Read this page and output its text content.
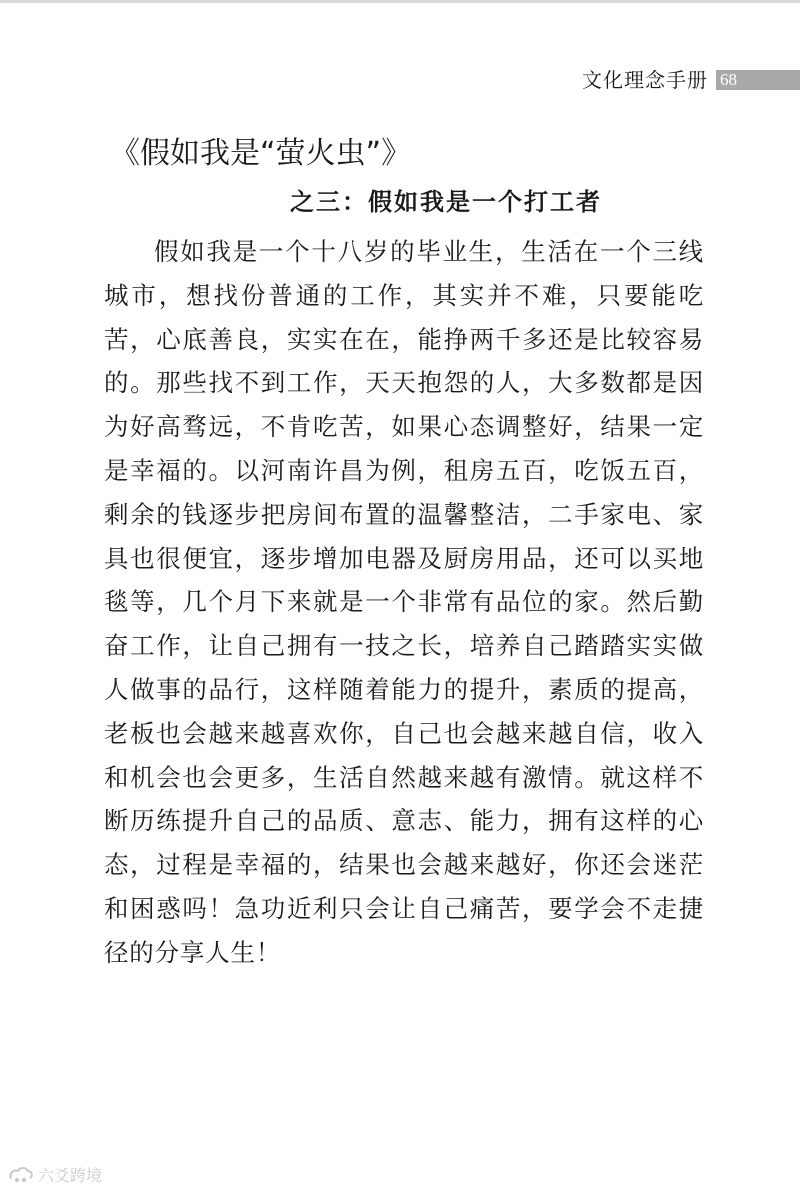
文化理念手册 68
《假如我是“萤火虫”》
之三：假如我是一个打工者

假如我是一个十八岁的毕业生，生活在一个三线城市，想找份普通的工作，其实并不难，只要能吃苦，心底善良，实实在在，能挣两千多还是比较容易的。那些找不到工作，天天抱怨的人，大多数都是因为好高骛远，不肯吃苦，如果心态调整好，结果一定是幸福的。以河南许昌为例，租房五百，吃饭五百，剩余的钱逐步把房间布置的温馨整洁，二手家电、家具也很便宜，逐步增加电器及厨房用品，还可以买地毯等，几个月下来就是一个非常有品位的家。然后勤奋工作，让自己拥有一技之长，培养自己踏踏实实做人做事的品行，这样随着能力的提升，素质的提高，老板也会越来越喜欢你，自己也会越来越自信，收入和机会也会更多，生活自然越来越有激情。就这样不断历练提升自己的品质、意志、能力，拥有这样的心态，过程是幸福的，结果也会越来越好，你还会迷茫和困惑吗！急功近利只会让自己痛苦，要学会不走捷径的分享人生！

六爻跨境
